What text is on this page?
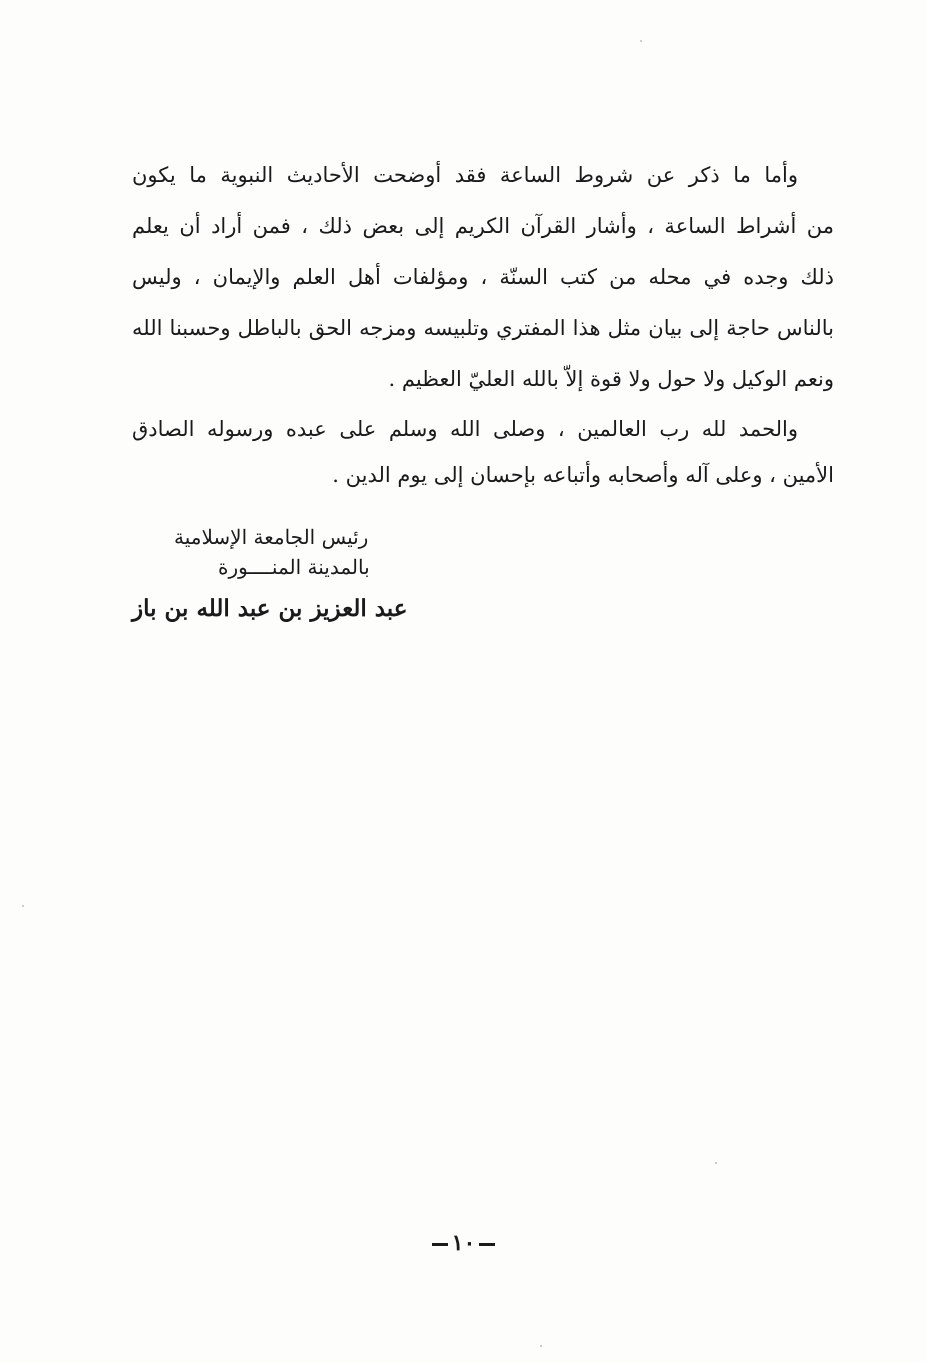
وأما ما ذكر عن شروط الساعة فقد أوضحت الأحاديث النبوية ما يكون
من أشراط الساعة ، وأشار القرآن الكريم إلى بعض ذلك ، فمن أراد أن يعلم
ذلك وجده في محله من كتب السنّة ، ومؤلفات أهل العلم والإيمان ، وليس
بالناس حاجة إلى بيان مثل هذا المفتري وتلبيسه ومزجه الحق بالباطل وحسبنا الله
ونعم الوكيل ولا حول ولا قوة إلاّ بالله العليّ العظيم .
والحمد لله رب العالمين ، وصلى الله وسلم على عبده ورسوله الصادق
الأمين ، وعلى آله وأصحابه وأتباعه بإحسان إلى يوم الدين .
رئيس الجامعة الإسلامية
بالمدينة المنــــورة
عبد العزيز بن عبد الله بن باز
١٠
